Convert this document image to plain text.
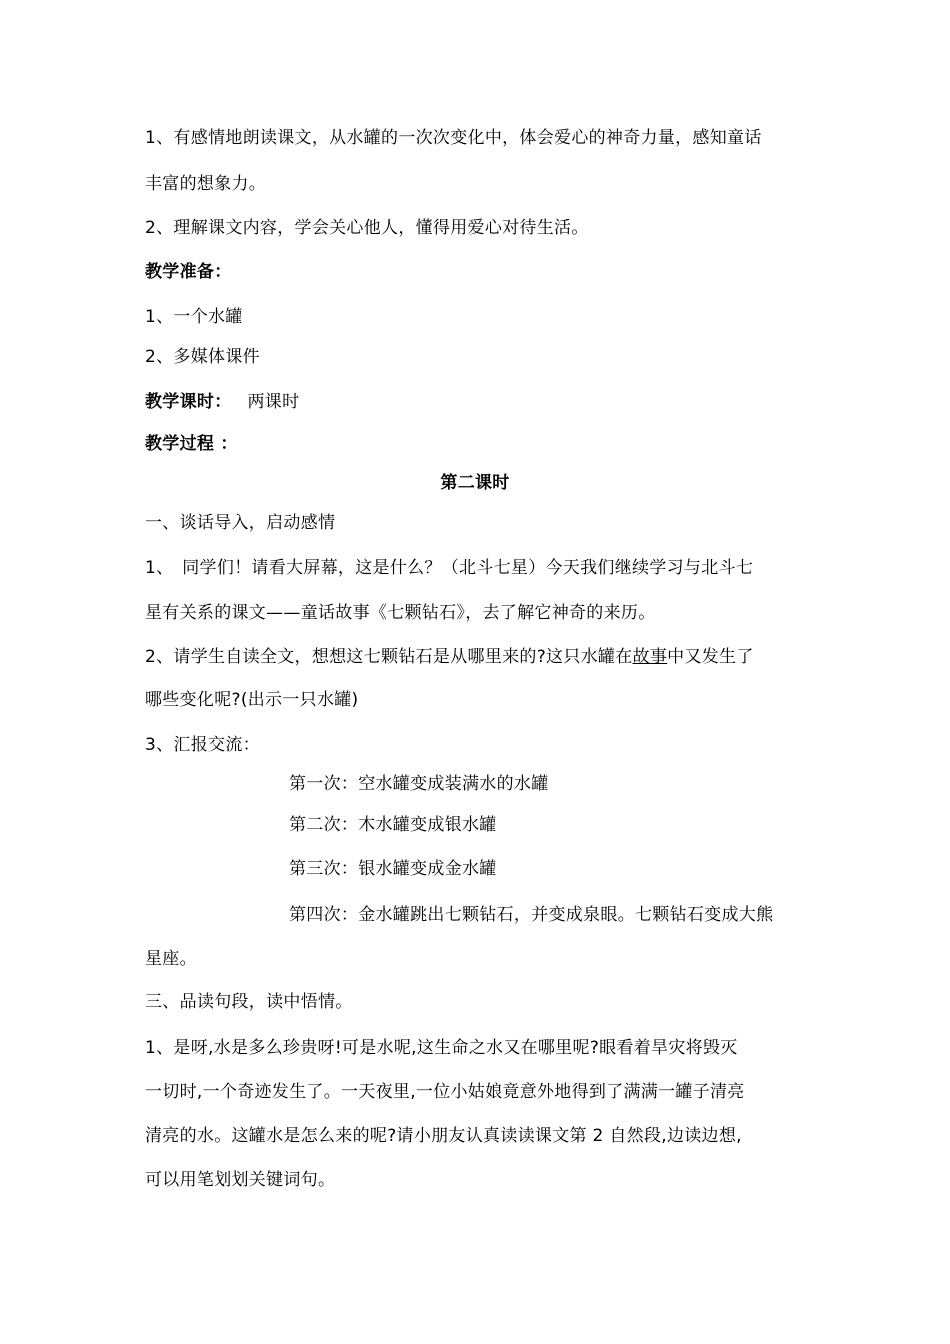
1、有感情地朗读课文，从水罐的一次次变化中，体会爱心的神奇力量，感知童话
丰富的想象力。
2、理解课文内容，学会关心他人，懂得用爱心对待生活。
教学准备：
1、一个水罐
2、多媒体课件
教学课时： 两课时
教学过程 ：
第二课时
一、谈话导入，启动感情
1、　同学们！请看大屏幕，这是什么？（北斗七星）今天我们继续学习与北斗七
星有关系的课文——童话故事《七颗钻石》，去了解它神奇的来历。
2、请学生自读全文，想想这七颗钻石是从哪里来的?这只水罐在故事中又发生了
哪些变化呢?(出示一只水罐)
3、汇报交流：
第一次：空水罐变成装满水的水罐
第二次：木水罐变成银水罐
第三次：银水罐变成金水罐
第四次：金水罐跳出七颗钻石，并变成泉眼。七颗钻石变成大熊
星座。
三、品读句段，读中悟情。
1、是呀,水是多么珍贵呀!可是水呢,这生命之水又在哪里呢?眼看着旱灾将毁灭
一切时,一个奇迹发生了。一天夜里,一位小姑娘竟意外地得到了满满一罐子清亮
清亮的水。这罐水是怎么来的呢?请小朋友认真读读课文第 2 自然段,边读边想,
可以用笔划划关键词句。
